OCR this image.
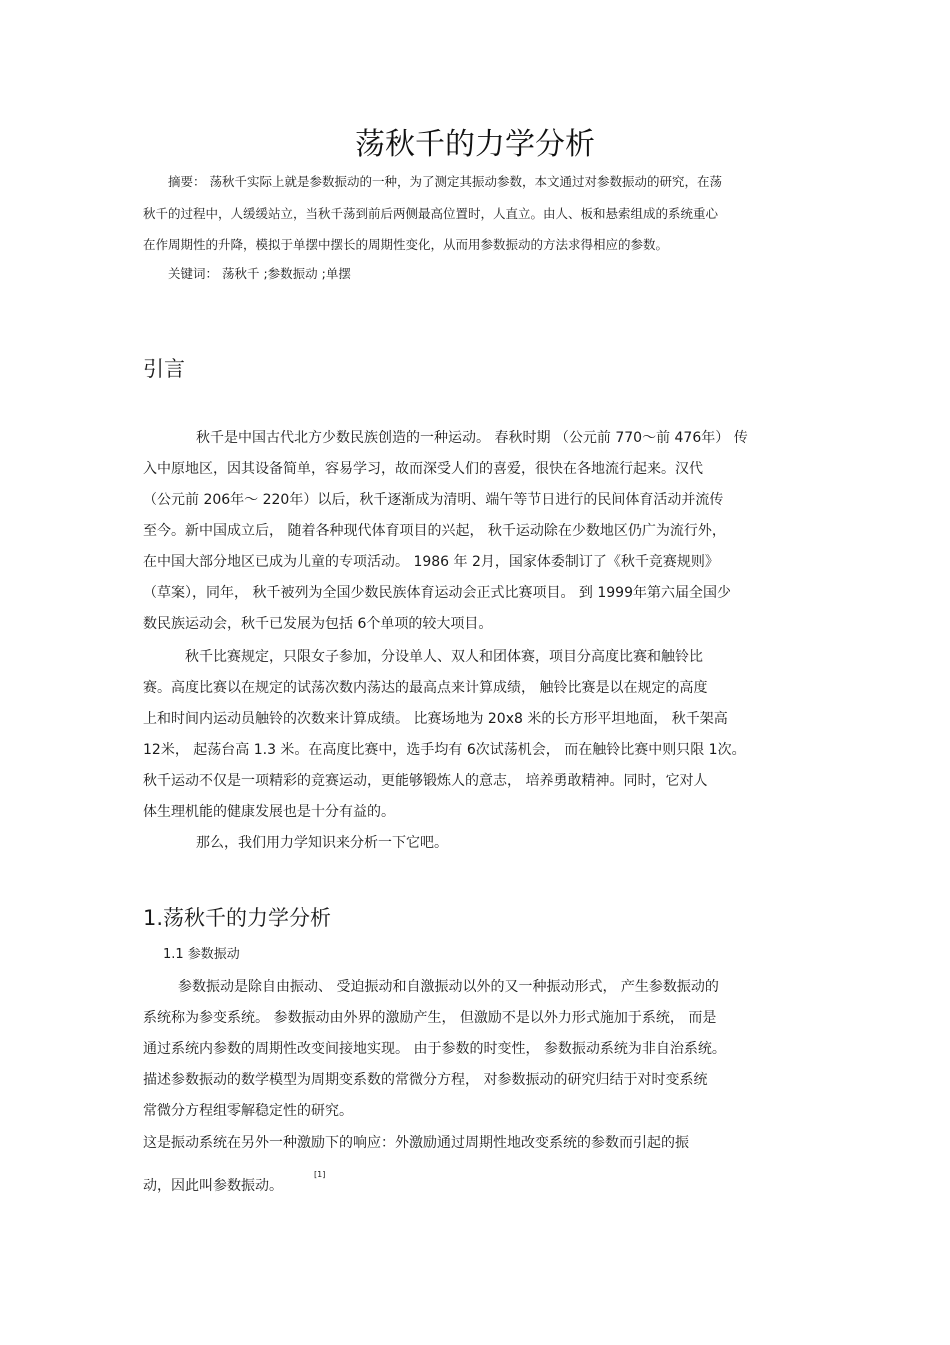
荡秋千的力学分析
摘要： 荡秋千实际上就是参数振动的一种，为了测定其振动参数，本文通过对参数振动的研究，在荡
秋千的过程中，人缓缓站立，当秋千荡到前后两侧最高位置时，人直立。由人、板和悬索组成的系统重心
在作周期性的升降，模拟于单摆中摆长的周期性变化，从而用参数振动的方法求得相应的参数。
关键词： 荡秋千 ;参数振动 ;单摆
引言
秋千是中国古代北方少数民族创造的一种运动。 春秋时期 （公元前 770～前 476年） 传
入中原地区，因其设备简单，容易学习，故而深受人们的喜爱，很快在各地流行起来。汉代
（公元前 206年～ 220年）以后，秋千逐渐成为清明、端午等节日进行的民间体育活动并流传
至今。新中国成立后， 随着各种现代体育项目的兴起， 秋千运动除在少数地区仍广为流行外，
在中国大部分地区已成为儿童的专项活动。 1986 年 2月，国家体委制订了《秋千竞赛规则》
（草案），同年， 秋千被列为全国少数民族体育运动会正式比赛项目。 到 1999年第六届全国少
数民族运动会，秋千已发展为包括 6个单项的较大项目。
秋千比赛规定，只限女子参加，分设单人、双人和团体赛，项目分高度比赛和触铃比
赛。高度比赛以在规定的试荡次数内荡达的最高点来计算成绩， 触铃比赛是以在规定的高度
上和时间内运动员触铃的次数来计算成绩。 比赛场地为 20x8 米的长方形平坦地面， 秋千架高
12米， 起荡台高 1.3 米。在高度比赛中，选手均有 6次试荡机会， 而在触铃比赛中则只限 1次。
秋千运动不仅是一项精彩的竞赛运动，更能够锻炼人的意志， 培养勇敢精神。同时，它对人
体生理机能的健康发展也是十分有益的。
那么，我们用力学知识来分析一下它吧。
1.荡秋千的力学分析
1.1 参数振动
参数振动是除自由振动、 受迫振动和自激振动以外的又一种振动形式， 产生参数振动的
系统称为参变系统。 参数振动由外界的激励产生， 但激励不是以外力形式施加于系统， 而是
通过系统内参数的周期性改变间接地实现。 由于参数的时变性， 参数振动系统为非自治系统。
描述参数振动的数学模型为周期变系数的常微分方程， 对参数振动的研究归结于对时变系统
常微分方程组零解稳定性的研究。
这是振动系统在另外一种激励下的响应：外激励通过周期性地改变系统的参数而引起的振
动，因此叫参数振动。
[1]
